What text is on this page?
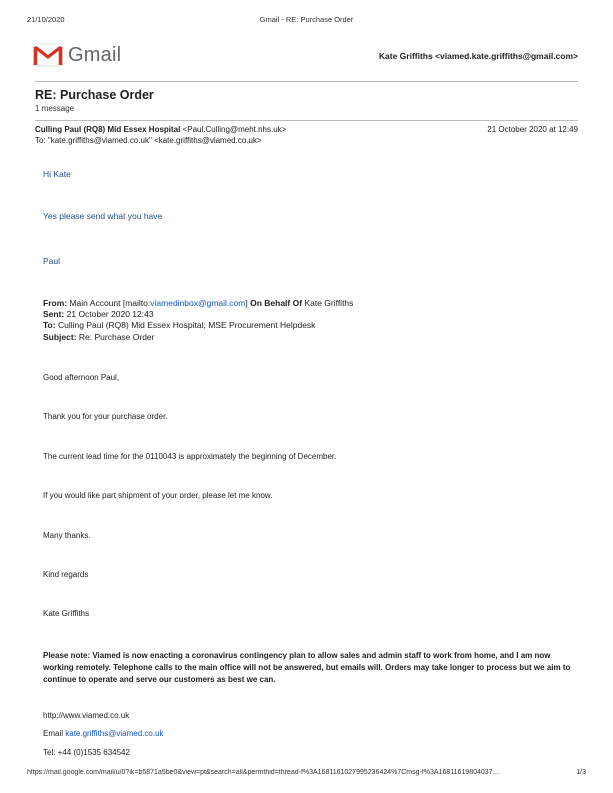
21/10/2020	Gmail - RE: Purchase Order
Gmail	Kate Griffiths <viamed.kate.griffiths@gmail.com>
RE: Purchase Order
1 message
Culling Paul (RQ8) Mid Essex Hospital <Paul.Culling@meht.nhs.uk>	21 October 2020 at 12:49
To: "kate.griffiths@viamed.co.uk" <kate.griffiths@viamed.co.uk>
Hi Kate
Yes please send what you have
Paul
From: Main Account [mailto:viamedinbox@gmail.com] On Behalf Of Kate Griffiths
Sent: 21 October 2020 12:43
To: Culling Paul (RQ8) Mid Essex Hospital; MSE Procurement Helpdesk
Subject: Re: Purchase Order
Good afternoon Paul,
Thank you for your purchase order.
The current lead time for the 0110043 is approximately the beginning of December.
If you would like part shipment of your order, please let me know.
Many thanks.
Kind regards
Kate Griffiths
Please note: Viamed is now enacting a coronavirus contingency plan to allow sales and admin staff to work from home, and I am now working remotely. Telephone calls to the main office will not be answered, but emails will. Orders may take longer to process but we aim to continue to operate and serve our customers as best we can.
http://www.viamed.co.uk
Email kate.griffiths@viamed.co.uk
Tel: +44 (0)1535 634542
https://mail.google.com/mail/u/0?ik=b5871a5be0&view=pt&search=all&permthid=thread-f%3A1681161027995236424%7Cmsg-f%3A16811619804037…	1/3
